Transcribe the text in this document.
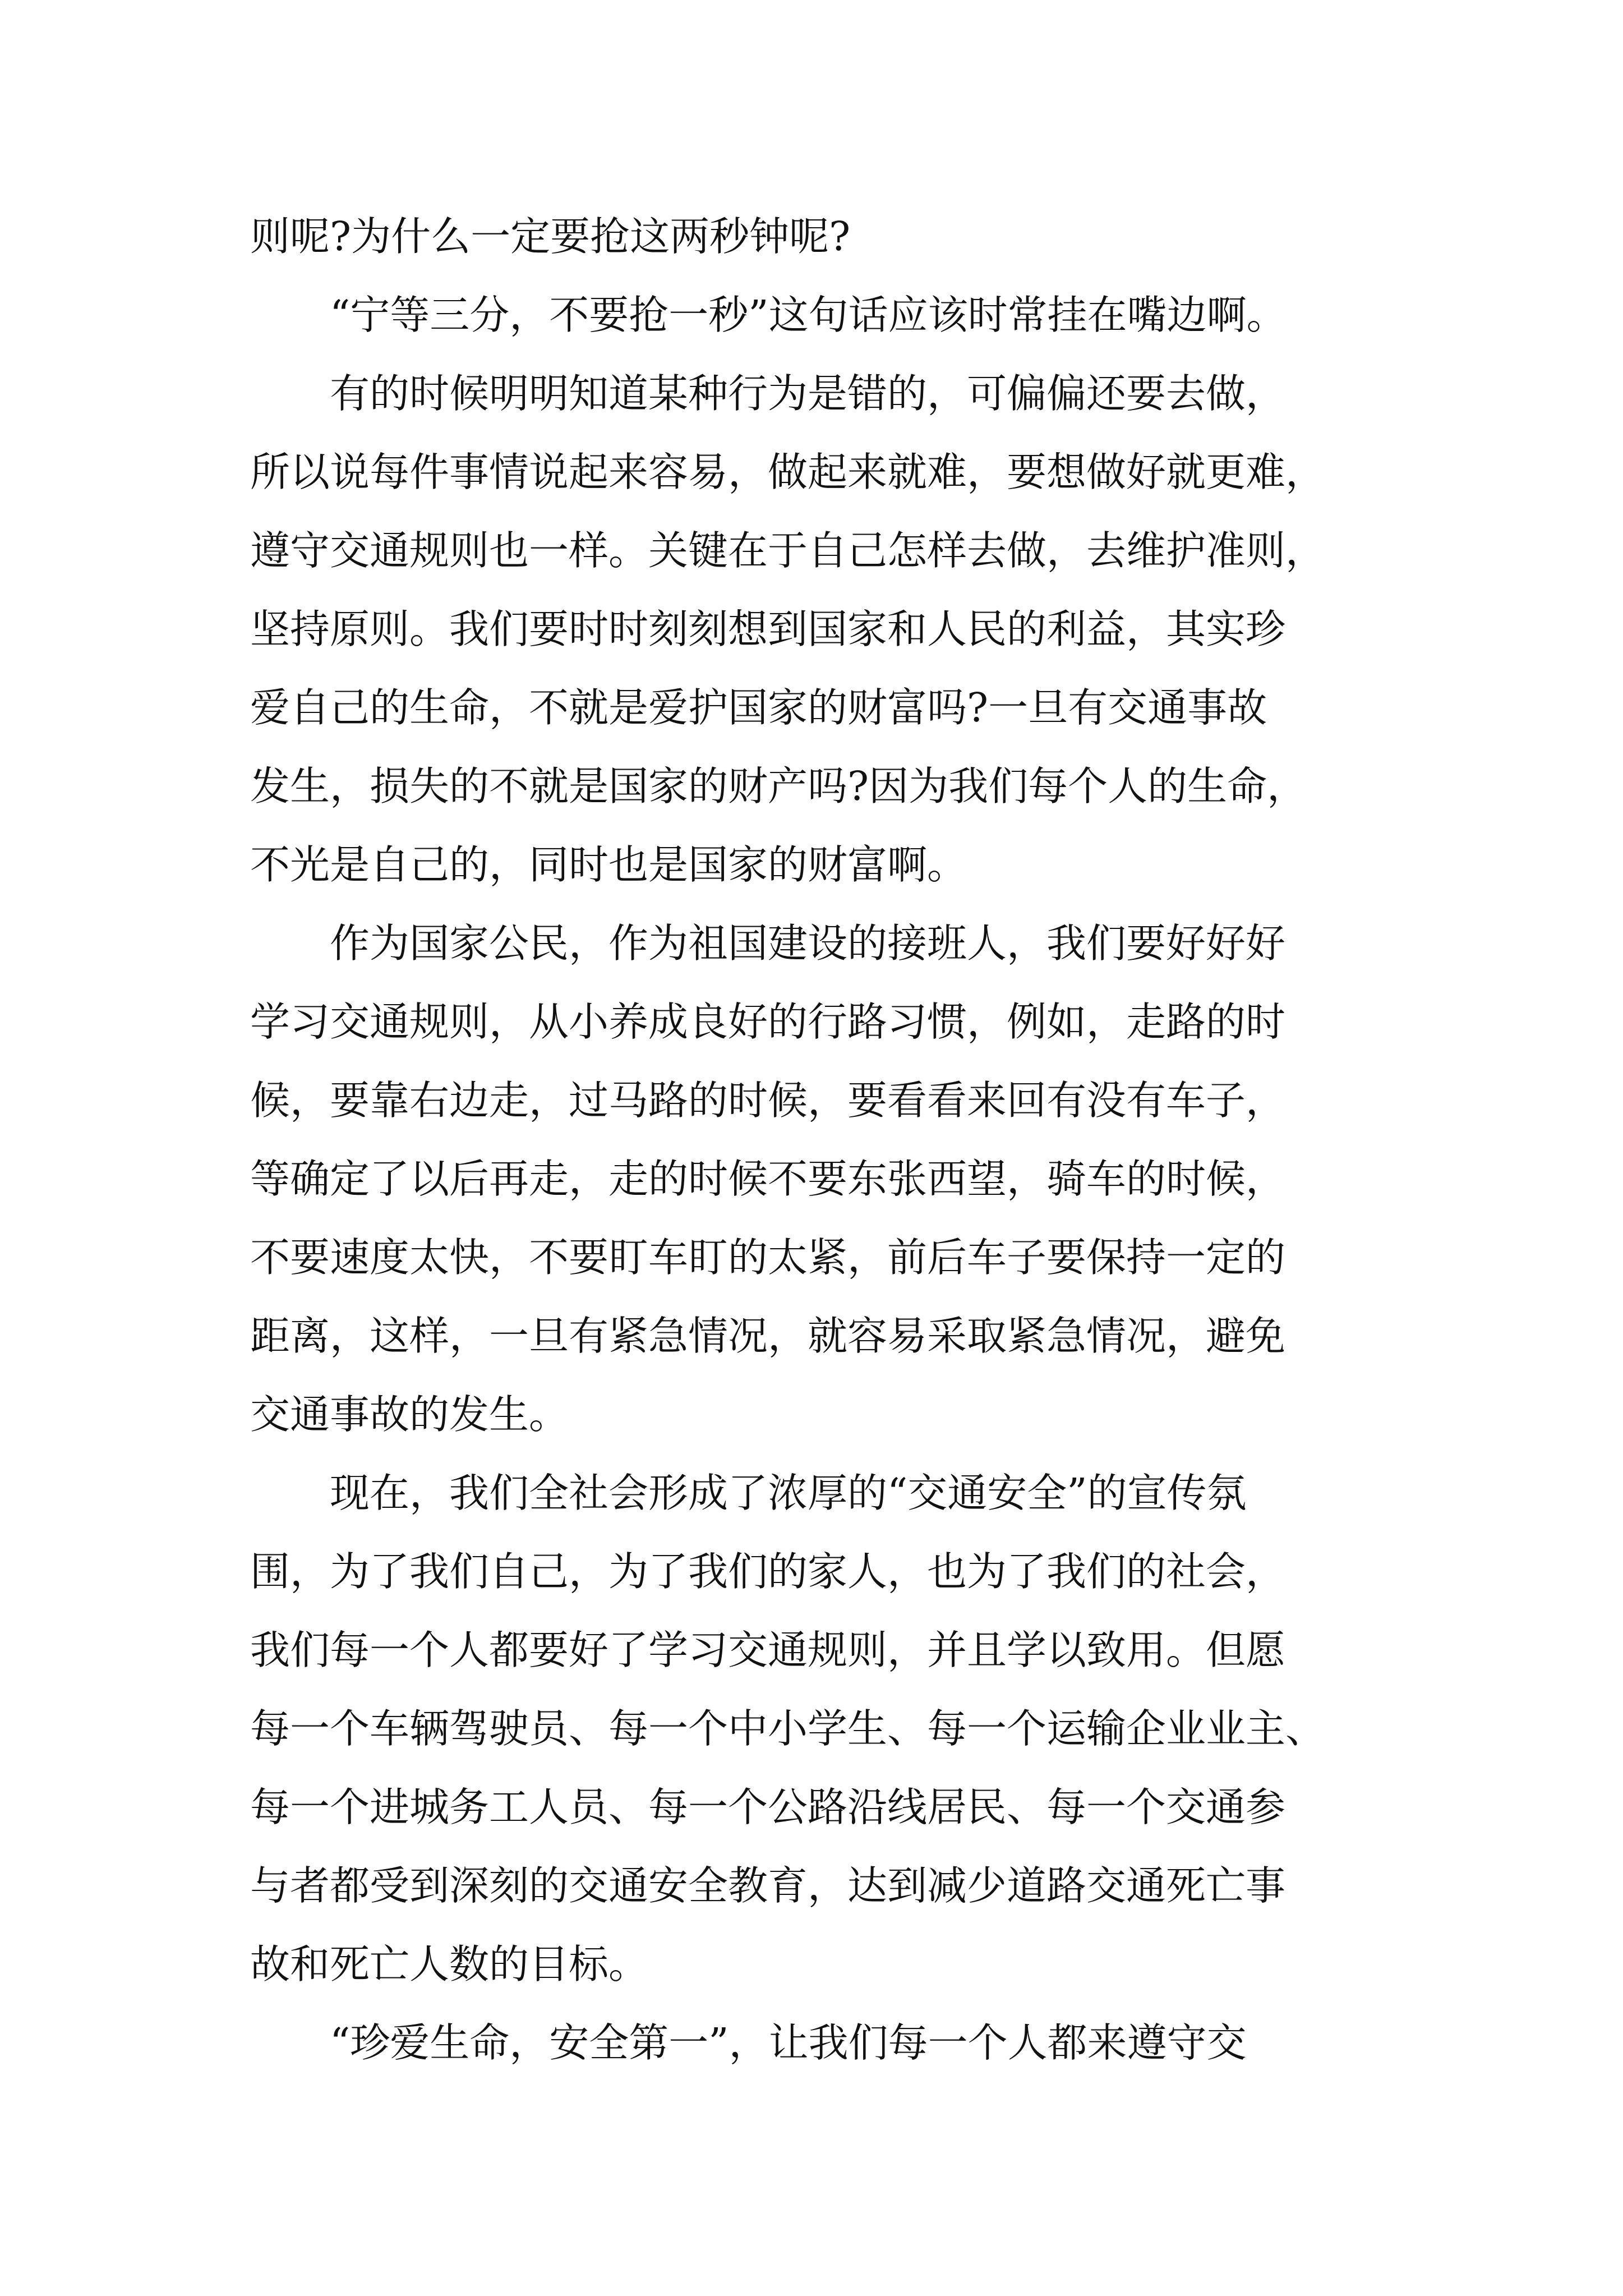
则呢?为什么一定要抢这两秒钟呢?
“宁等三分，不要抢一秒”这句话应该时常挂在嘴边啊。
有的时候明明知道某种行为是错的，可偏偏还要去做，
所以说每件事情说起来容易，做起来就难，要想做好就更难，
遵守交通规则也一样。关键在于自己怎样去做，去维护准则，
坚持原则。我们要时时刻刻想到国家和人民的利益，其实珍
爱自己的生命，不就是爱护国家的财富吗?一旦有交通事故
发生，损失的不就是国家的财产吗?因为我们每个人的生命，
不光是自己的，同时也是国家的财富啊。
作为国家公民，作为祖国建设的接班人，我们要好好好
学习交通规则，从小养成良好的行路习惯，例如，走路的时
候，要靠右边走，过马路的时候，要看看来回有没有车子，
等确定了以后再走，走的时候不要东张西望，骑车的时候，
不要速度太快，不要盯车盯的太紧，前后车子要保持一定的
距离，这样，一旦有紧急情况，就容易采取紧急情况，避免
交通事故的发生。
现在，我们全社会形成了浓厚的“交通安全”的宣传氛
围，为了我们自己，为了我们的家人，也为了我们的社会，
我们每一个人都要好了学习交通规则，并且学以致用。但愿
每一个车辆驾驶员、每一个中小学生、每一个运输企业业主、
每一个进城务工人员、每一个公路沿线居民、每一个交通参
与者都受到深刻的交通安全教育，达到减少道路交通死亡事
故和死亡人数的目标。
“珍爱生命，安全第一”，让我们每一个人都来遵守交
